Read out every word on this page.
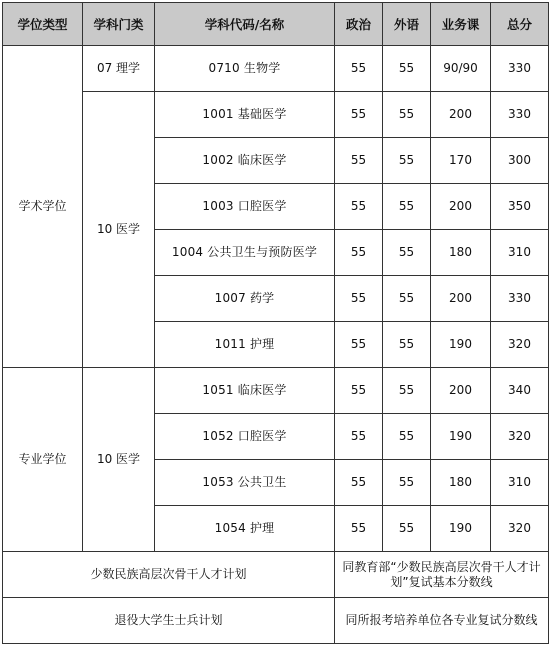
学位类型	学科门类	学科代码/名称	政治	外语	业务课	总分
学术学位	07 理学	0710 生物学	55	55	90/90	330
	10 医学	1001 基础医学	55	55	200	330
		1002 临床医学	55	55	170	300
		1003 口腔医学	55	55	200	350
		1004 公共卫生与预防医学	55	55	180	310
		1007 药学	55	55	200	330
		1011 护理	55	55	190	320
专业学位	10 医学	1051 临床医学	55	55	200	340
		1052 口腔医学	55	55	190	320
		1053 公共卫生	55	55	180	310
		1054 护理	55	55	190	320
少数民族高层次骨干人才计划			同教育部“少数民族高层次骨干人才计划”复试基本分数线			
退役大学生士兵计划			同所报考培养单位各专业复试分数线			
